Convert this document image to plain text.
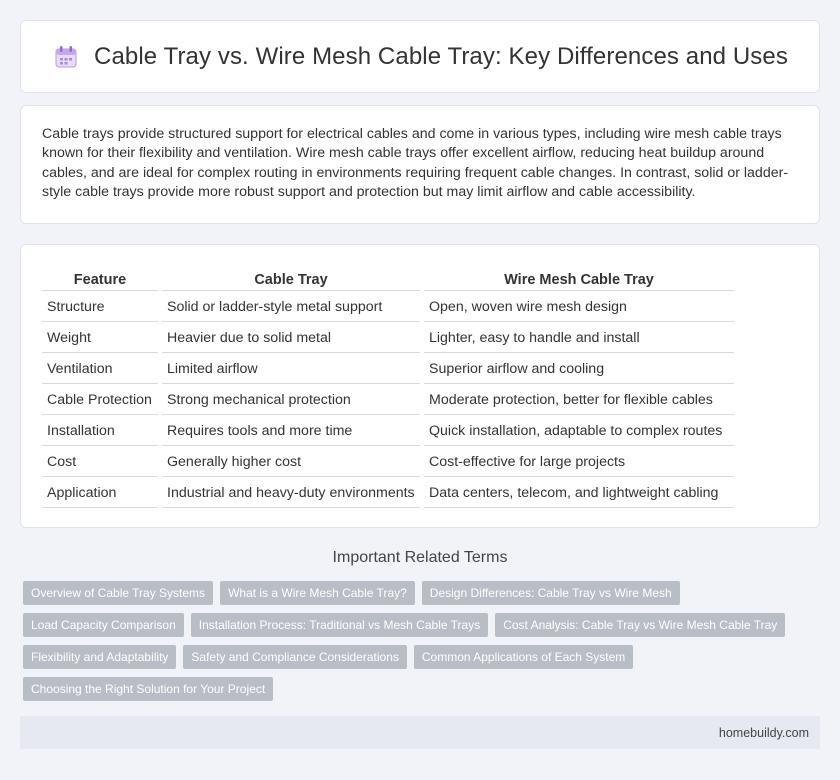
Cable Tray vs. Wire Mesh Cable Tray: Key Differences and Uses

Cable trays provide structured support for electrical cables and come in various types, including wire mesh cable trays known for their flexibility and ventilation. Wire mesh cable trays offer excellent airflow, reducing heat buildup around cables, and are ideal for complex routing in environments requiring frequent cable changes. In contrast, solid or ladder-style cable trays provide more robust support and protection but may limit airflow and cable accessibility.

Feature	Cable Tray	Wire Mesh Cable Tray
Structure	Solid or ladder-style metal support	Open, woven wire mesh design
Weight	Heavier due to solid metal	Lighter, easy to handle and install
Ventilation	Limited airflow	Superior airflow and cooling
Cable Protection	Strong mechanical protection	Moderate protection, better for flexible cables
Installation	Requires tools and more time	Quick installation, adaptable to complex routes
Cost	Generally higher cost	Cost-effective for large projects
Application	Industrial and heavy-duty environments	Data centers, telecom, and lightweight cabling
Important Related Terms
Overview of Cable Tray Systems	What is a Wire Mesh Cable Tray?	Design Differences: Cable Tray vs Wire Mesh
Load Capacity Comparison	Installation Process: Traditional vs Mesh Cable Trays	Cost Analysis: Cable Tray vs Wire Mesh Cable Tray
Flexibility and Adaptability	Safety and Compliance Considerations	Common Applications of Each System
Choosing the Right Solution for Your Project
homebuildy.com
